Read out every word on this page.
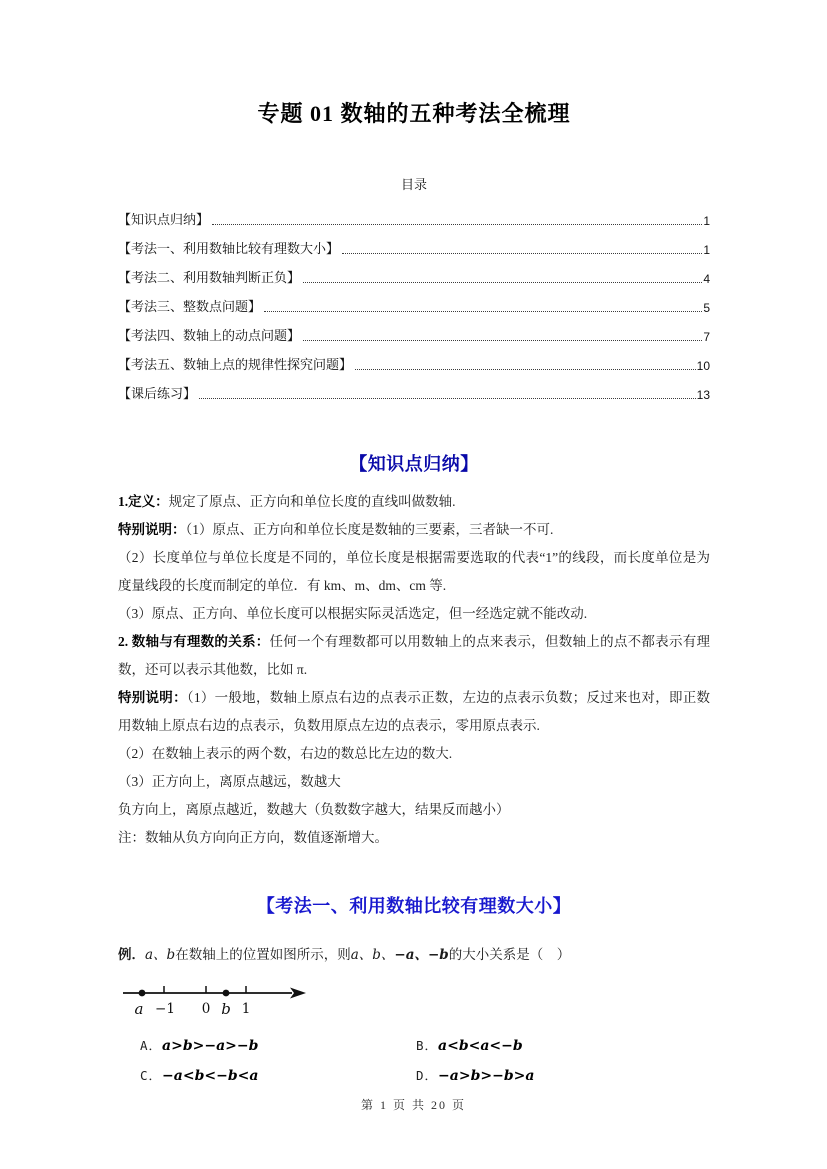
专题 01 数轴的五种考法全梳理
目录
【知识点归纳】	1
【考法一、利用数轴比较有理数大小】	1
【考法二、利用数轴判断正负】	4
【考法三、整数点问题】	5
【考法四、数轴上的动点问题】	7
【考法五、数轴上点的规律性探究问题】	10
【课后练习】	13
【知识点归纳】

1.定义：规定了原点、正方向和单位长度的直线叫做数轴.

特别说明：（1）原点、正方向和单位长度是数轴的三要素，三者缺一不可.

（2）长度单位与单位长度是不同的，单位长度是根据需要选取的代表“1”的线段，而长度单位是为度量线段的长度而制定的单位．有 km、m、dm、cm 等.

（3）原点、正方向、单位长度可以根据实际灵活选定，但一经选定就不能改动.

2. 数轴与有理数的关系：任何一个有理数都可以用数轴上的点来表示，但数轴上的点不都表示有理数，还可以表示其他数，比如 π.

特别说明：（1）一般地，数轴上原点右边的点表示正数，左边的点表示负数；反过来也对，即正数用数轴上原点右边的点表示，负数用原点左边的点表示，零用原点表示.

（2）在数轴上表示的两个数，右边的数总比左边的数大.

（3）正方向上，离原点越远，数越大

负方向上，离原点越近，数越大（负数数字越大，结果反而越小）

注：数轴从负方向向正方向，数值逐渐增大。

【考法一、利用数轴比较有理数大小】

例．a、b在数轴上的位置如图所示，则a、b、−a、−b的大小关系是（　）

a −1 0 b 1
A．a>b>−a>−b	B．a<b<a<−b
C．−a<b<−b<a	D．−a>b>−b>a
第 1 页 共 20 页
